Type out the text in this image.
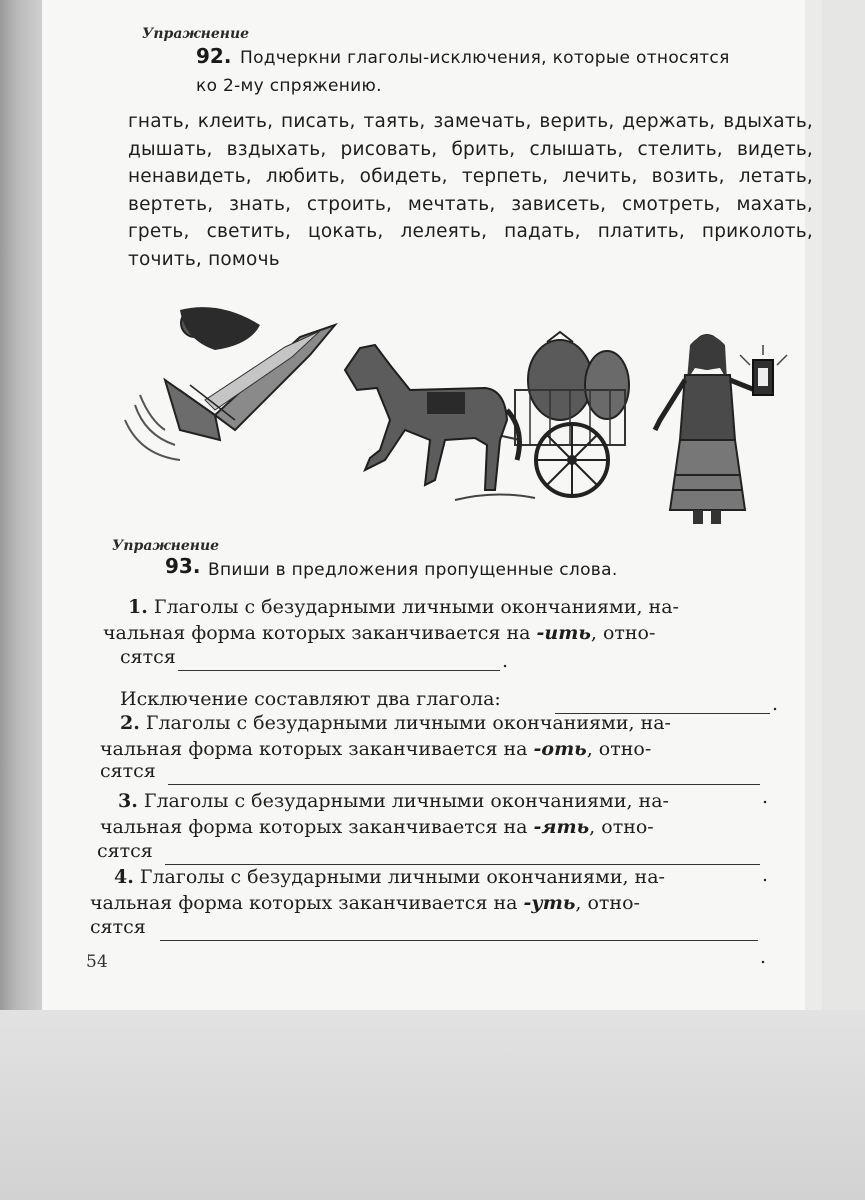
Упражнение
92. Подчеркни глаголы-исключения, которые относятся
ко 2-му спряжению.
гнать, клеить, писать, таять, замечать, верить, держать, вдыхать, дышать, вздыхать, рисовать, брить, слышать, стелить, видеть, ненавидеть, любить, обидеть, терпеть, лечить, возить, летать, вертеть, знать, строить, мечтать, зависеть, смотреть, махать, греть, светить, цокать, лелеять, падать, платить, приколоть, точить, помочь
Упражнение
93. Впиши в предложения пропущенные слова.
1. Глаголы с безударными личными окончаниями, на-
чальная форма которых заканчивается на -ить, отно-
сятся	.
Исключение составляют два глагола:	.
2. Глаголы с безударными личными окончаниями, на-
чальная форма которых заканчивается на -оть, отно-
сятся
.
3. Глаголы с безударными личными окончаниями, на-
чальная форма которых заканчивается на -ять, отно-
сятся
.
4. Глаголы с безударными личными окончаниями, на-
чальная форма которых заканчивается на -уть, отно-
сятся
.
54
